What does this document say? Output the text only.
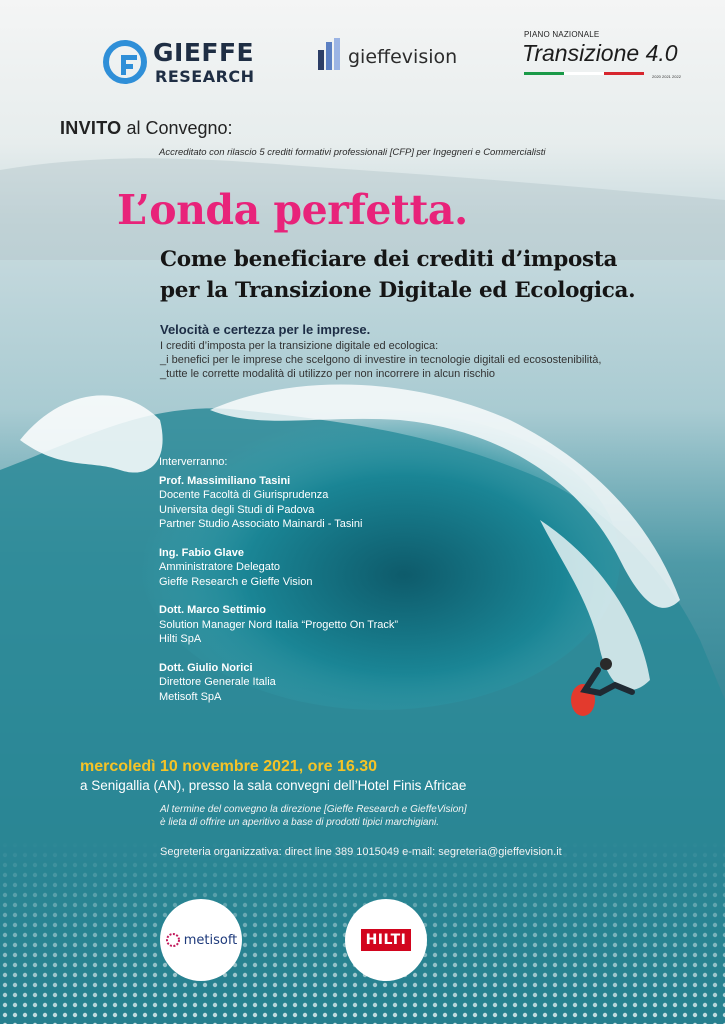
GIEFFE
RESEARCH
gieffevision
PIANO NAZIONALE
Transizione 4.0
2020 2021 2022
INVITO al Convegno:
Accreditato con rilascio 5 crediti formativi professionali [CFP] per Ingegneri e Commercialisti
L’onda perfetta.
Come beneficiare dei crediti d’imposta
per la Transizione Digitale ed Ecologica.
Velocità e certezza per le imprese.
I crediti d’imposta per la transizione digitale ed ecologica:
_i benefici per le imprese che scelgono di investire in tecnologie digitali ed ecosostenibilità,
_tutte le corrette modalità di utilizzo per non incorrere in alcun rischio
Interverranno:
Prof. Massimiliano Tasini
Docente Facoltà di Giurisprudenza
Universita degli Studi di Padova
Partner Studio Associato Mainardi - Tasini
Ing. Fabio Glave
Amministratore Delegato
Gieffe Research e Gieffe Vision
Dott. Marco Settimio
Solution Manager Nord Italia “Progetto On Track”
Hilti SpA
Dott. Giulio Norici
Direttore Generale Italia
Metisoft SpA
mercoledì 10 novembre 2021, ore 16.30
a Senigallia (AN), presso la sala convegni dell’Hotel Finis Africae
Al termine del convegno la direzione [Gieffe Research e GieffeVision]
è lieta di offrire un aperitivo a base di prodotti tipici marchigiani.
Segreteria organizzativa: direct line 389 1015049 e-mail: segreteria@gieffevision.it
metisoft	HILTI
